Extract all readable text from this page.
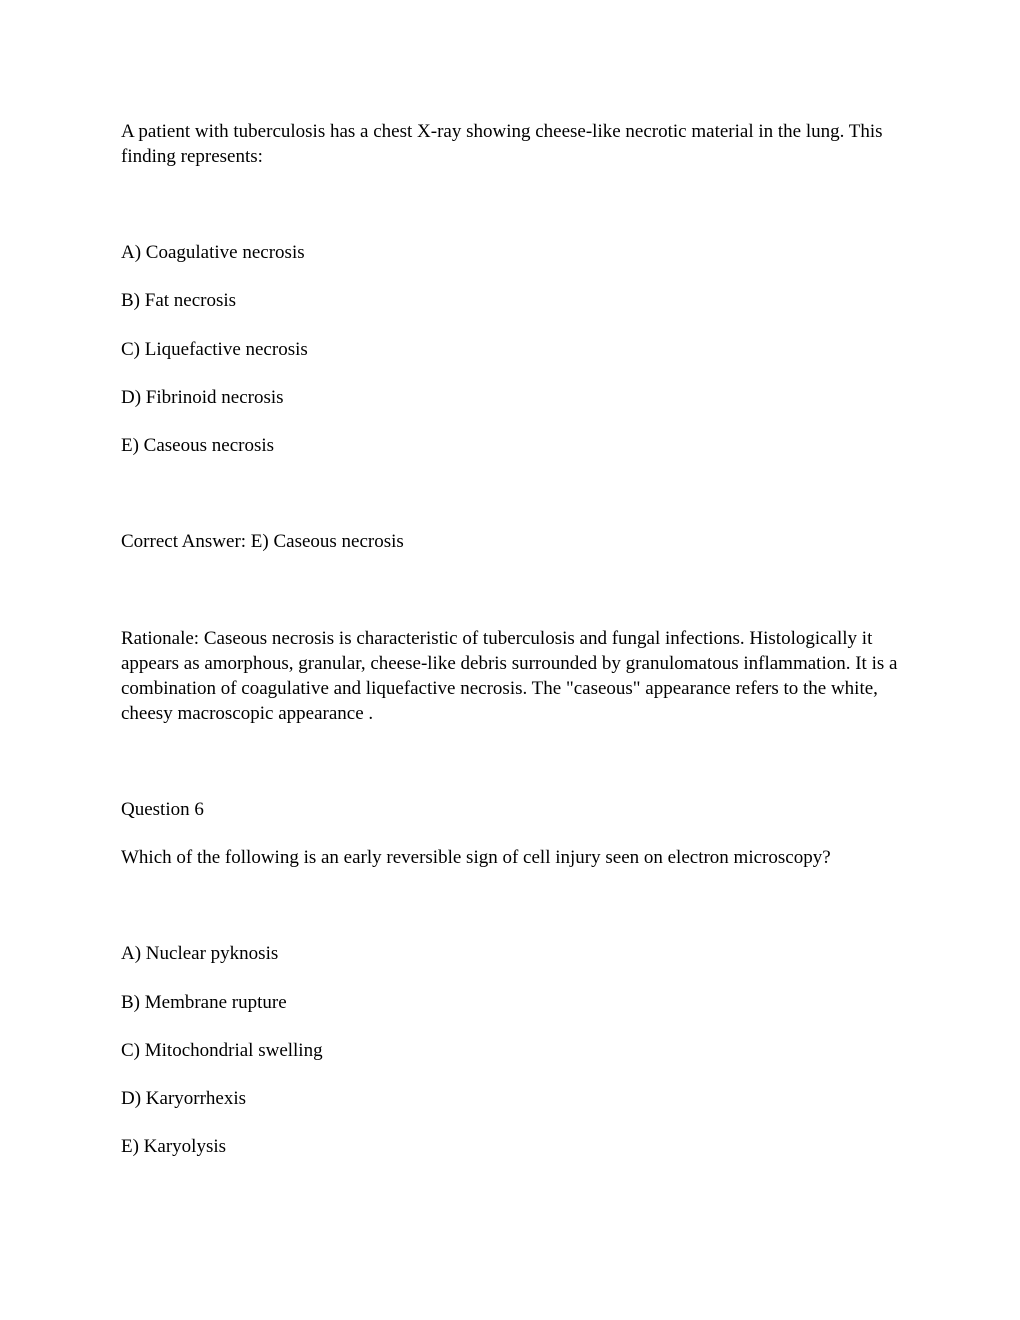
A patient with tuberculosis has a chest X-ray showing cheese-like necrotic material in the lung. This finding represents:

A) Coagulative necrosis

B) Fat necrosis

C) Liquefactive necrosis

D) Fibrinoid necrosis

E) Caseous necrosis

Correct Answer: E) Caseous necrosis

Rationale: Caseous necrosis is characteristic of tuberculosis and fungal infections. Histologically it appears as amorphous, granular, cheese-like debris surrounded by granulomatous inflammation. It is a combination of coagulative and liquefactive necrosis. The "caseous" appearance refers to the white, cheesy macroscopic appearance .

Question 6

Which of the following is an early reversible sign of cell injury seen on electron microscopy?

A) Nuclear pyknosis

B) Membrane rupture

C) Mitochondrial swelling

D) Karyorrhexis

E) Karyolysis
